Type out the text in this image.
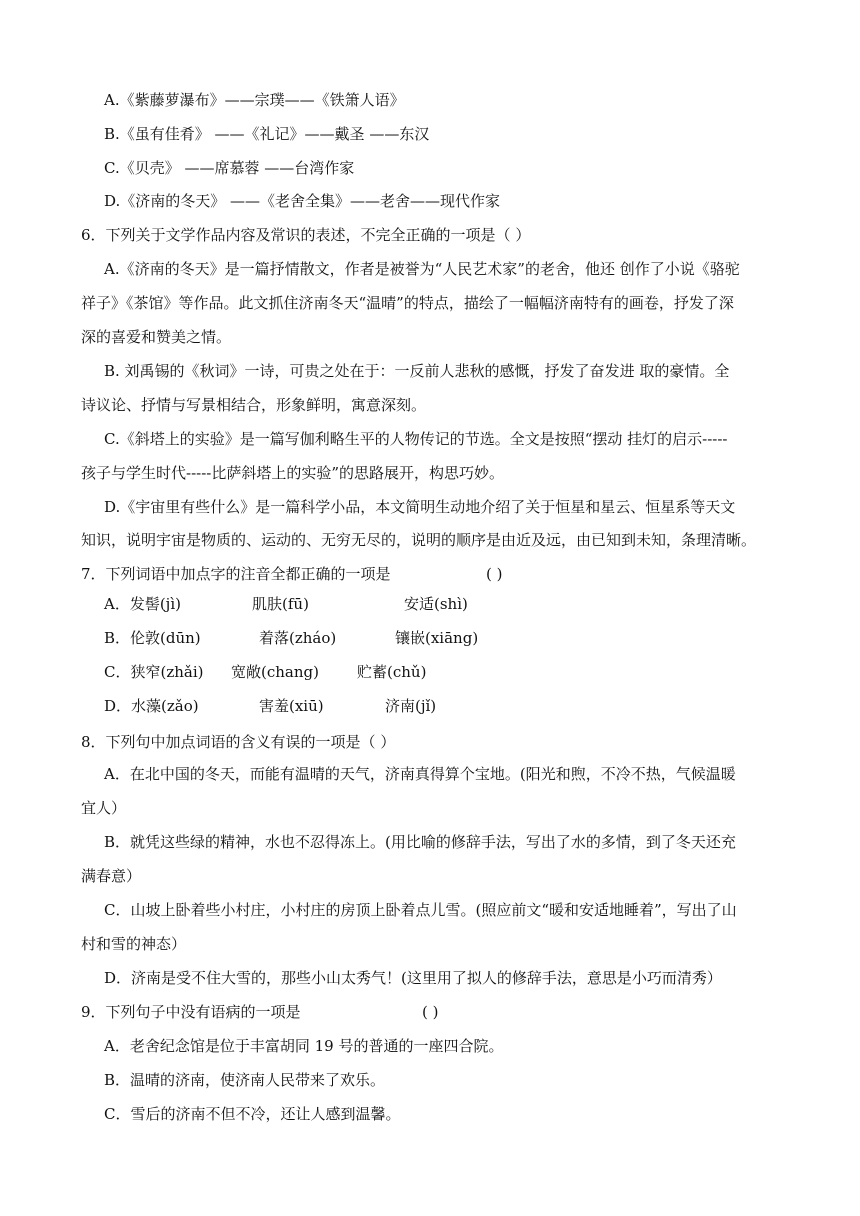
A.《紫藤萝瀑布》——宗璞——《铁箫人语》
B.《虽有佳肴》 ——《礼记》——戴圣 ——东汉
C.《贝壳》 ——席慕蓉 ——台湾作家
D.《济南的冬天》 ——《老舍全集》——老舍——现代作家
6．下列关于文学作品内容及常识的表述，不完全正确的一项是（ ）
A.《济南的冬天》是一篇抒情散文，作者是被誉为“人民艺术家”的老舍，他还 创作了小说《骆驼
祥子》《茶馆》等作品。此文抓住济南冬天“温晴”的特点，描绘了一幅幅济南特有的画卷，抒发了深
深的喜爱和赞美之情。
B. 刘禹锡的《秋词》一诗，可贵之处在于：一反前人悲秋的感慨，抒发了奋发进 取的豪情。全
诗议论、抒情与写景相结合，形象鲜明，寓意深刻。
C.《斜塔上的实验》是一篇写伽利略生平的人物传记的节选。全文是按照“摆动 挂灯的启示-----
孩子与学生时代-----比萨斜塔上的实验”的思路展开，构思巧妙。
D.《宇宙里有些什么》是一篇科学小品，本文简明生动地介绍了关于恒星和星云、恒星系等天文
知识，说明宇宙是物质的、运动的、无穷无尽的，说明的顺序是由近及远，由已知到未知，条理清晰。
7．下列词语中加点字的注音全都正确的一项是	( )
A．发髻(jì)	肌肤(fū)	安适(shì)
B．伦敦(dūn)	着落(zháo)	镶嵌(xiāng)
C．狭窄(zhǎi) 宽敞(chang)	贮蓄(chǔ)
D．水藻(zǎo)	害羞(xiū)	济南(jǐ)
8．下列句中加点词语的含义有误的一项是（ ）
A．在北中国的冬天，而能有温晴的天气，济南真得算个宝地。(阳光和煦，不冷不热，气候温暖
宜人）
B．就凭这些绿的精神，水也不忍得冻上。(用比喻的修辞手法，写出了水的多情，到了冬天还充
满春意）
C．山坡上卧着些小村庄，小村庄的房顶上卧着点儿雪。(照应前文“暖和安适地睡着”，写出了山
村和雪的神态）
D．济南是受不住大雪的，那些小山太秀气！(这里用了拟人的修辞手法，意思是小巧而清秀）
9．下列句子中没有语病的一项是	( )
A．老舍纪念馆是位于丰富胡同 19 号的普通的一座四合院。
B．温晴的济南，使济南人民带来了欢乐。
C．雪后的济南不但不冷，还让人感到温馨。
